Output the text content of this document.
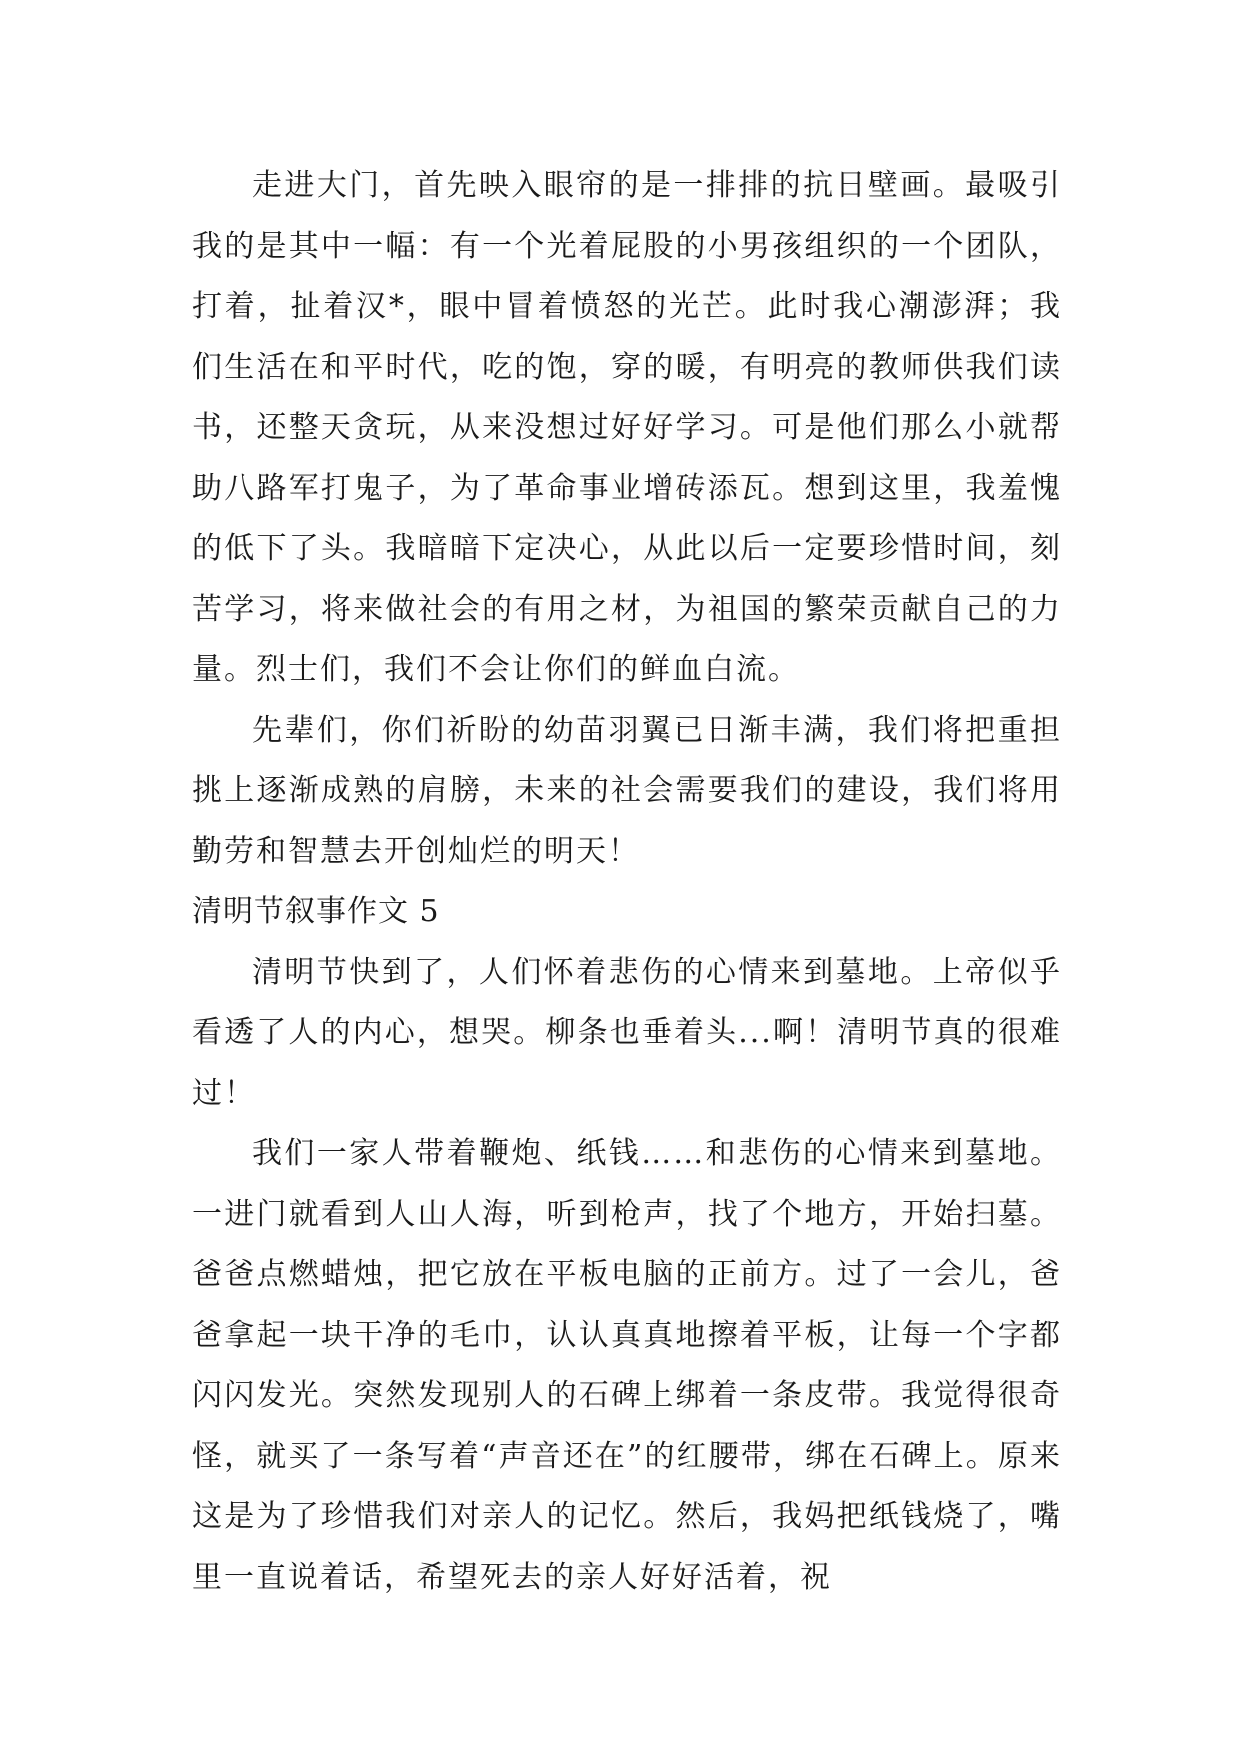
走进大门，首先映入眼帘的是一排排的抗日壁画。最吸引我的是其中一幅：有一个光着屁股的小男孩组织的一个团队，打着，扯着汉*，眼中冒着愤怒的光芒。此时我心潮澎湃；我们生活在和平时代，吃的饱，穿的暖，有明亮的教师供我们读书，还整天贪玩，从来没想过好好学习。可是他们那么小就帮助八路军打鬼子，为了革命事业增砖添瓦。想到这里，我羞愧的低下了头。我暗暗下定决心，从此以后一定要珍惜时间，刻苦学习，将来做社会的有用之材，为祖国的繁荣贡献自己的力量。烈士们，我们不会让你们的鲜血白流。

先辈们，你们祈盼的幼苗羽翼已日渐丰满，我们将把重担挑上逐渐成熟的肩膀，未来的社会需要我们的建设，我们将用勤劳和智慧去开创灿烂的明天！

清明节叙事作文 5

清明节快到了，人们怀着悲伤的心情来到墓地。上帝似乎看透了人的内心，想哭。柳条也垂着头...啊！清明节真的很难过！

我们一家人带着鞭炮、纸钱……和悲伤的心情来到墓地。一进门就看到人山人海，听到枪声，找了个地方，开始扫墓。爸爸点燃蜡烛，把它放在平板电脑的正前方。过了一会儿，爸爸拿起一块干净的毛巾，认认真真地擦着平板，让每一个字都闪闪发光。突然发现别人的石碑上绑着一条皮带。我觉得很奇怪，就买了一条写着“声音还在”的红腰带，绑在石碑上。原来这是为了珍惜我们对亲人的记忆。然后，我妈把纸钱烧了，嘴里一直说着话，希望死去的亲人好好活着，祝
